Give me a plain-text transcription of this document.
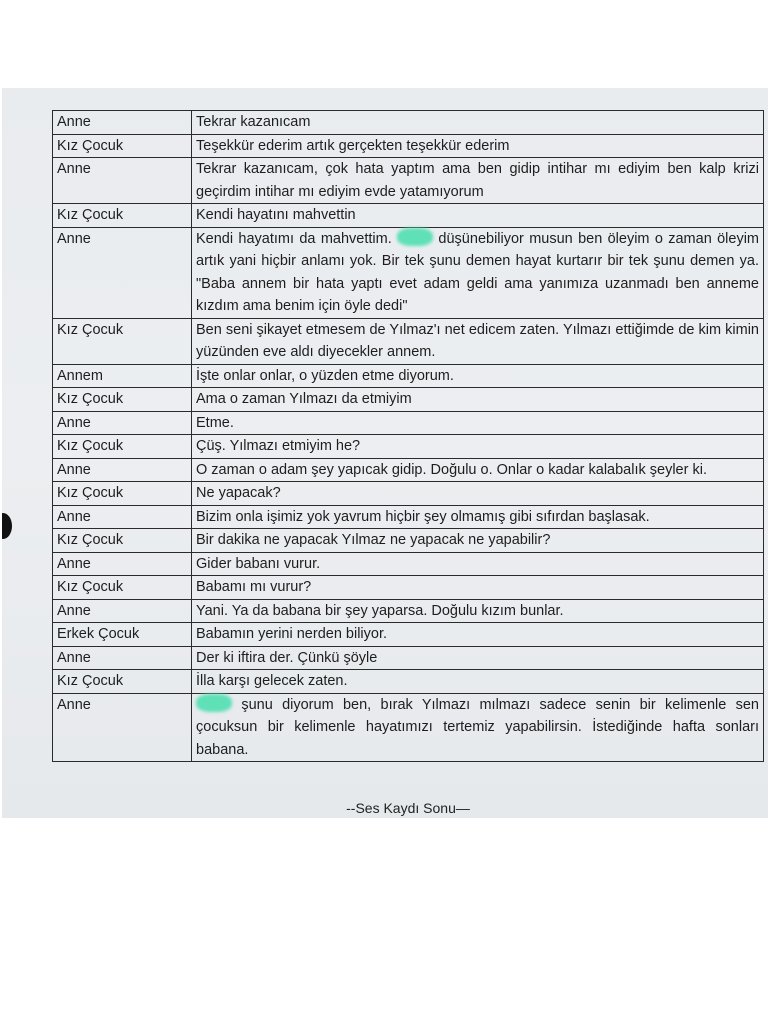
Anne	Tekrar kazanıcam
Kız Çocuk	Teşekkür ederim artık gerçekten teşekkür ederim
Anne	Tekrar kazanıcam, çok hata yaptım ama ben gidip intihar mı ediyim ben kalp krizi geçirdim intihar mı ediyim evde yatamıyorum
Kız Çocuk	Kendi hayatını mahvettin
Anne	Kendi hayatımı da mahvettim.  düşünebiliyor musun ben öleyim o zaman öleyim artık yani hiçbir anlamı yok. Bir tek şunu demen hayat kurtarır bir tek şunu demen ya. "Baba annem bir hata yaptı evet adam geldi ama yanımıza uzanmadı ben anneme kızdım ama benim için öyle dedi"
Kız Çocuk	Ben seni şikayet etmesem de Yılmaz'ı net edicem zaten. Yılmazı ettiğimde de kim kimin yüzünden eve aldı diyecekler annem.
Annem	İşte onlar onlar, o yüzden etme diyorum.
Kız Çocuk	Ama o zaman Yılmazı da etmiyim
Anne	Etme.
Kız Çocuk	Çüş. Yılmazı etmiyim he?
Anne	O zaman o adam şey yapıcak gidip. Doğulu o. Onlar o kadar kalabalık şeyler ki.
Kız Çocuk	Ne yapacak?
Anne	Bizim onla işimiz yok yavrum hiçbir şey olmamış gibi sıfırdan başlasak.
Kız Çocuk	Bir dakika ne yapacak Yılmaz ne yapacak ne yapabilir?
Anne	Gider babanı vurur.
Kız Çocuk	Babamı mı vurur?
Anne	Yani. Ya da babana bir şey yaparsa. Doğulu kızım bunlar.
Erkek Çocuk	Babamın yerini nerden biliyor.
Anne	Der ki iftira der. Çünkü şöyle
Kız Çocuk	İlla karşı gelecek zaten.
Anne	şunu diyorum ben, bırak Yılmazı mılmazı sadece senin bir kelimenle sen çocuksun bir kelimenle hayatımızı tertemiz yapabilirsin. İstediğinde hafta sonları babana.
--Ses Kaydı Sonu—
